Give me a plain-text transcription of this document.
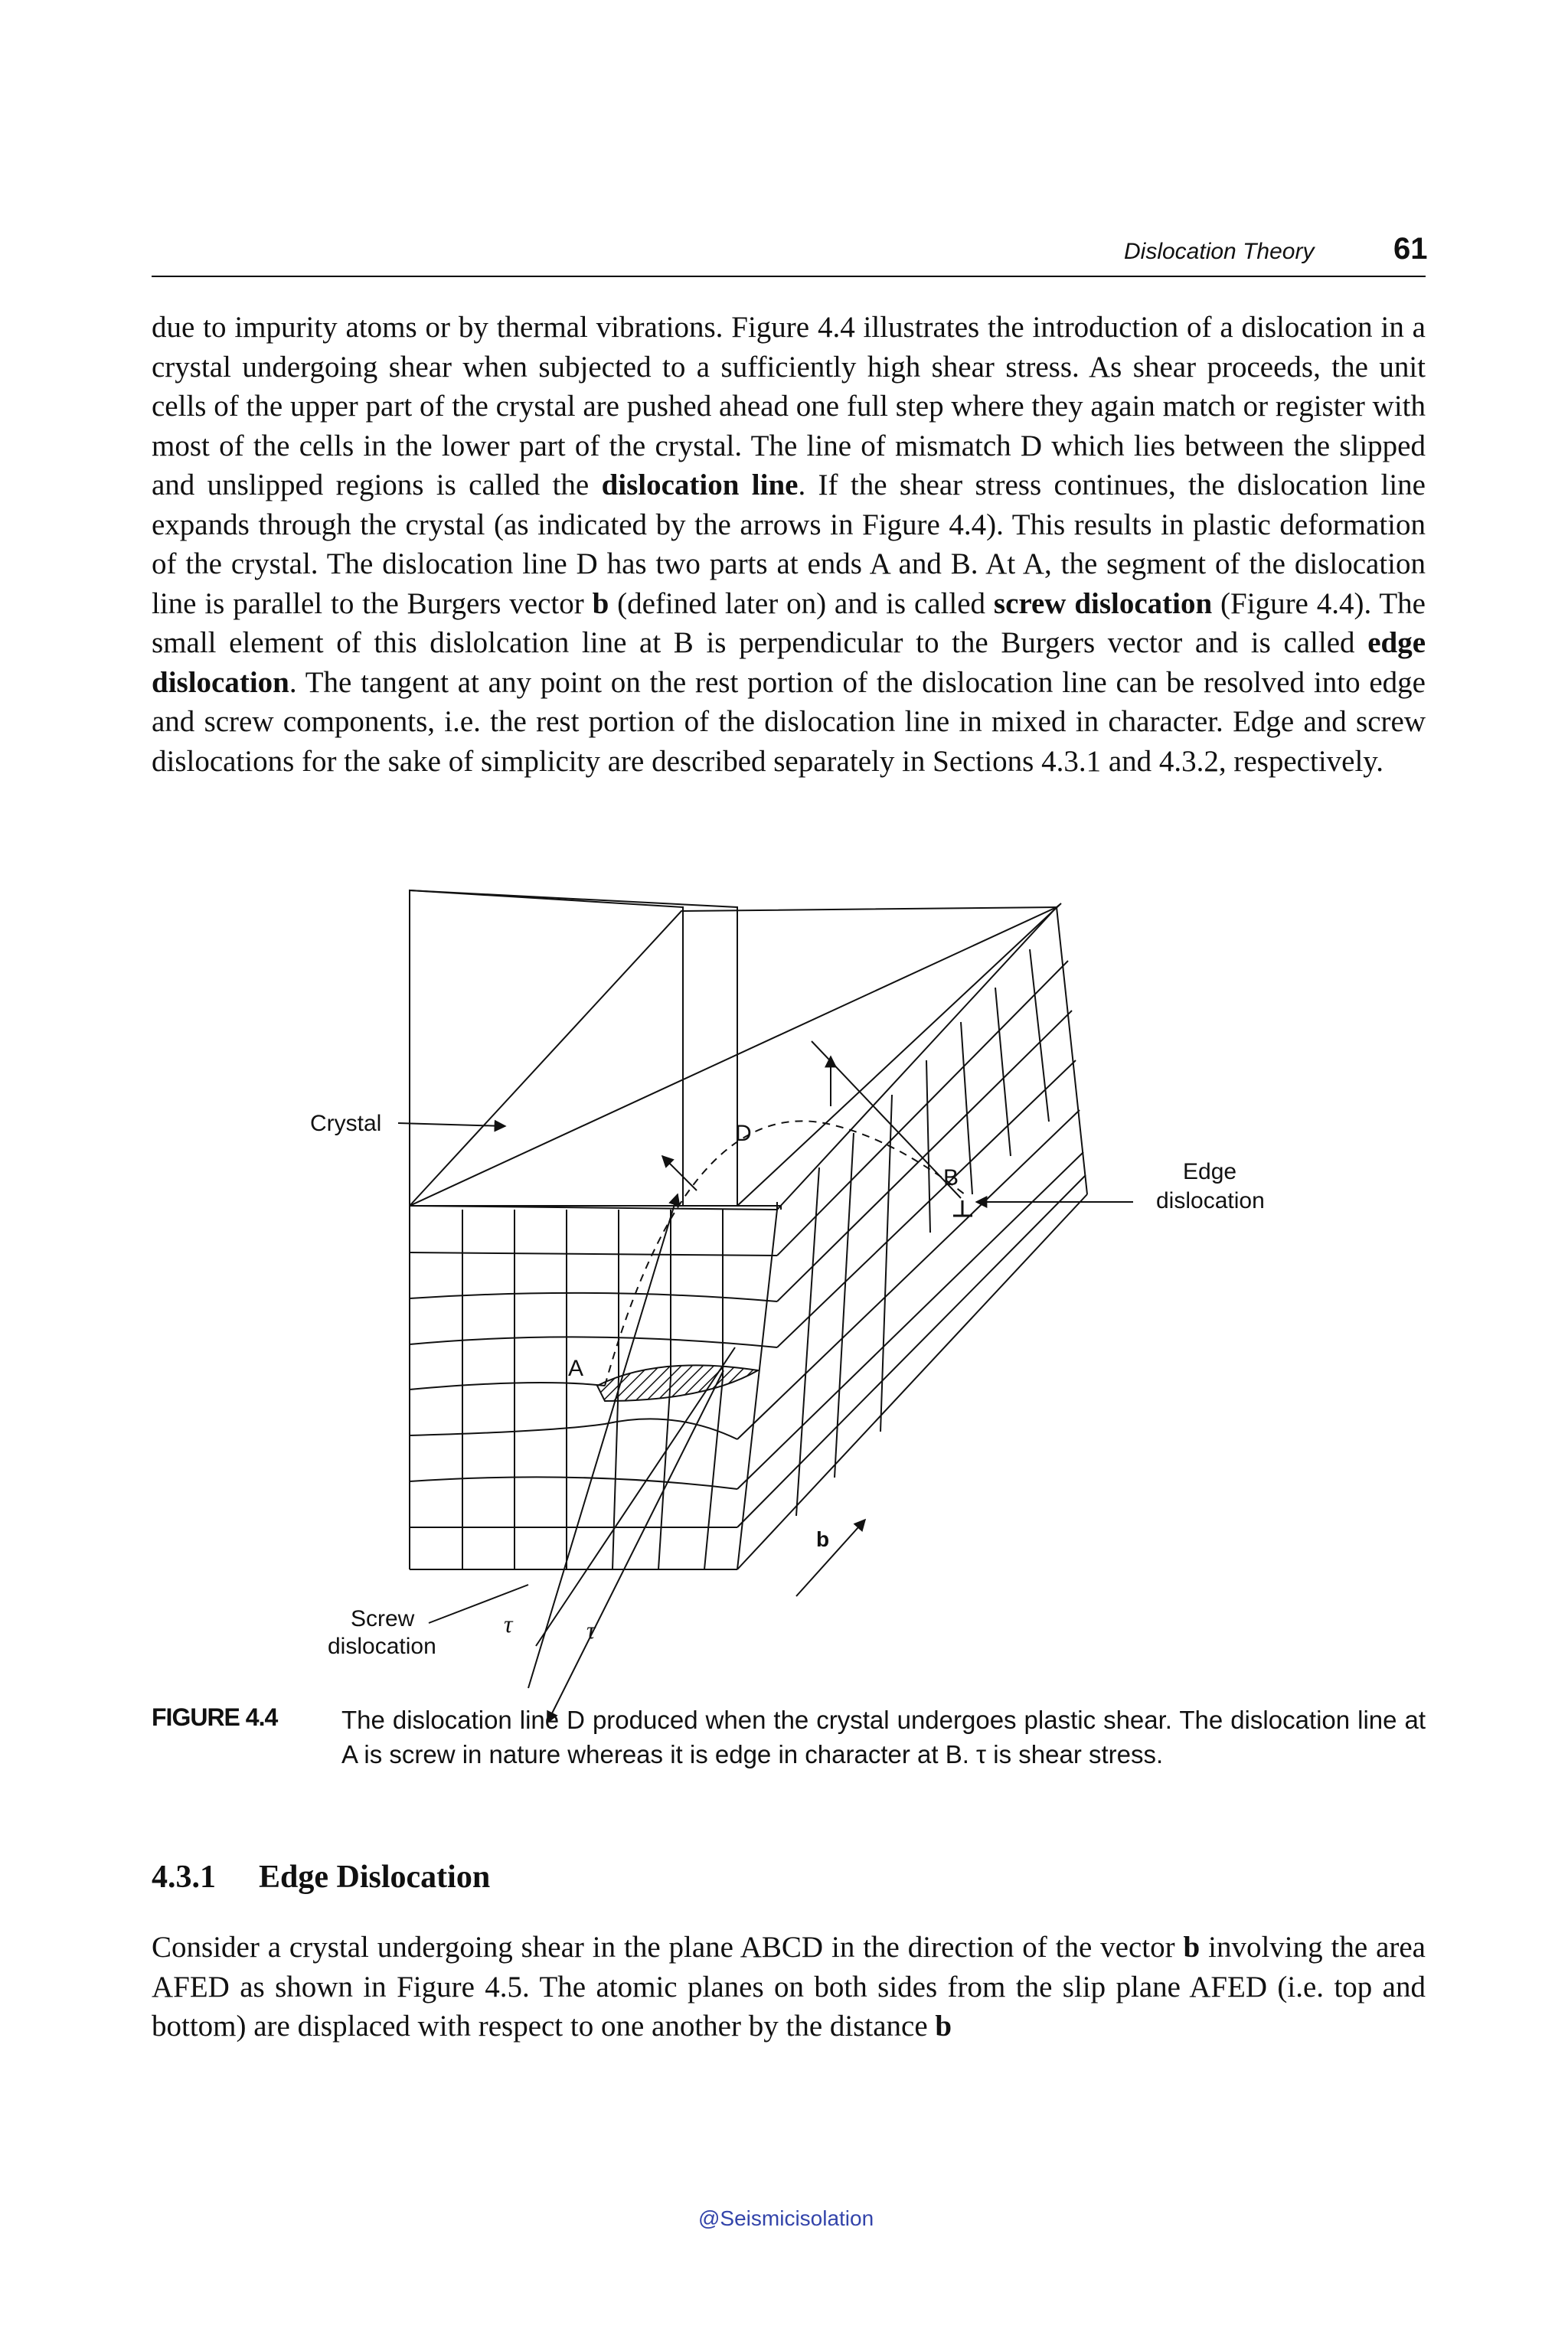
Dislocation Theory	61

due to impurity atoms or by thermal vibrations. Figure 4.4 illustrates the introduction of a dislocation in a crystal undergoing shear when subjected to a sufficiently high shear stress. As shear proceeds, the unit cells of the upper part of the crystal are pushed ahead one full step where they again match or register with most of the cells in the lower part of the crystal. The line of mismatch D which lies between the slipped and unslipped regions is called the dislocation line. If the shear stress continues, the dislocation line expands through the crystal (as indicated by the arrows in Figure 4.4). This results in plastic deformation of the crystal. The dislocation line D has two parts at ends A and B. At A, the segment of the dislocation line is parallel to the Burgers vector b (defined later on) and is called screw dislocation (Figure 4.4). The small element of this dislolcation line at B is perpendicular to the Burgers vector and is called edge dislocation. The tangent at any point on the rest portion of the dislocation line can be resolved into edge and screw components, i.e. the rest portion of the dislocation line in mixed in character. Edge and screw dislocations for the sake of simplicity are described separately in Sections 4.3.1 and 4.3.2, respectively.

Crystal	D
B	Edge
dislocation
A
b
Screw
dislocation
τ	τ
FIGURE 4.4	The dislocation line D produced when the crystal undergoes plastic shear. The dislocation line at A is screw in nature whereas it is edge in character at B. τ is shear stress.

4.3.1 Edge Dislocation

Consider a crystal undergoing shear in the plane ABCD in the direction of the vector b involving the area AFED as shown in Figure 4.5. The atomic planes on both sides from the slip plane AFED (i.e. top and bottom) are displaced with respect to one another by the distance b

@Seismicisolation
